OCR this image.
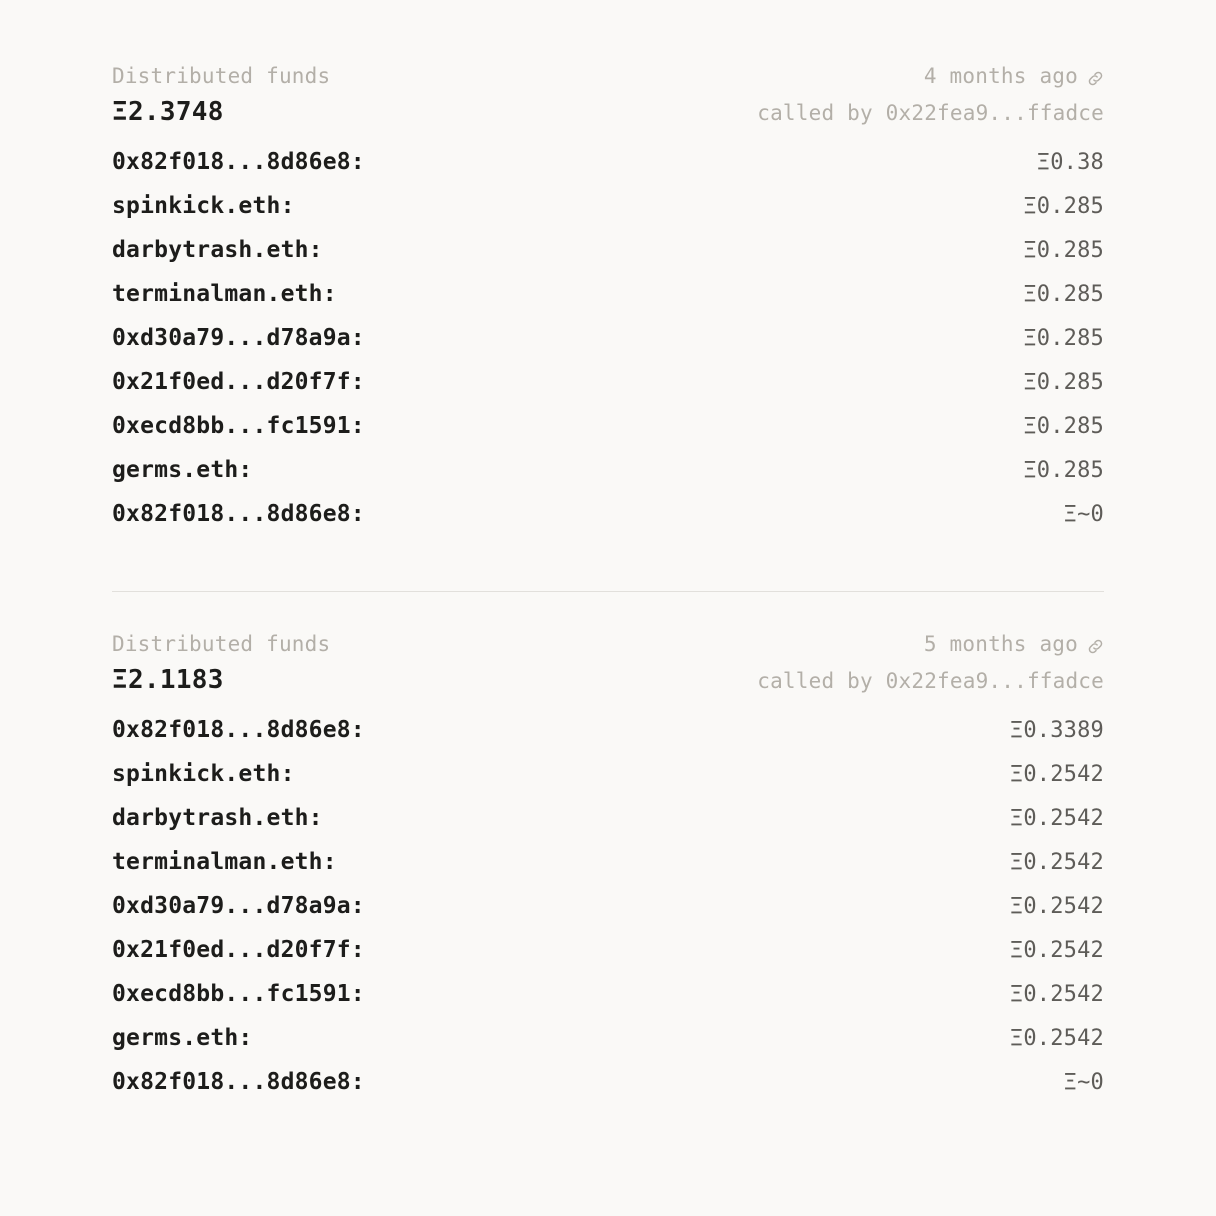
Distributed funds	4 months ago
Ξ2.3748	called by 0x22fea9...ffadce
0x82f018...8d86e8:	Ξ0.38
spinkick.eth:	Ξ0.285
darbytrash.eth:	Ξ0.285
terminalman.eth:	Ξ0.285
0xd30a79...d78a9a:	Ξ0.285
0x21f0ed...d20f7f:	Ξ0.285
0xecd8bb...fc1591:	Ξ0.285
germs.eth:	Ξ0.285
0x82f018...8d86e8:	Ξ~0
Distributed funds	5 months ago
Ξ2.1183	called by 0x22fea9...ffadce
0x82f018...8d86e8:	Ξ0.3389
spinkick.eth:	Ξ0.2542
darbytrash.eth:	Ξ0.2542
terminalman.eth:	Ξ0.2542
0xd30a79...d78a9a:	Ξ0.2542
0x21f0ed...d20f7f:	Ξ0.2542
0xecd8bb...fc1591:	Ξ0.2542
germs.eth:	Ξ0.2542
0x82f018...8d86e8:	Ξ~0
